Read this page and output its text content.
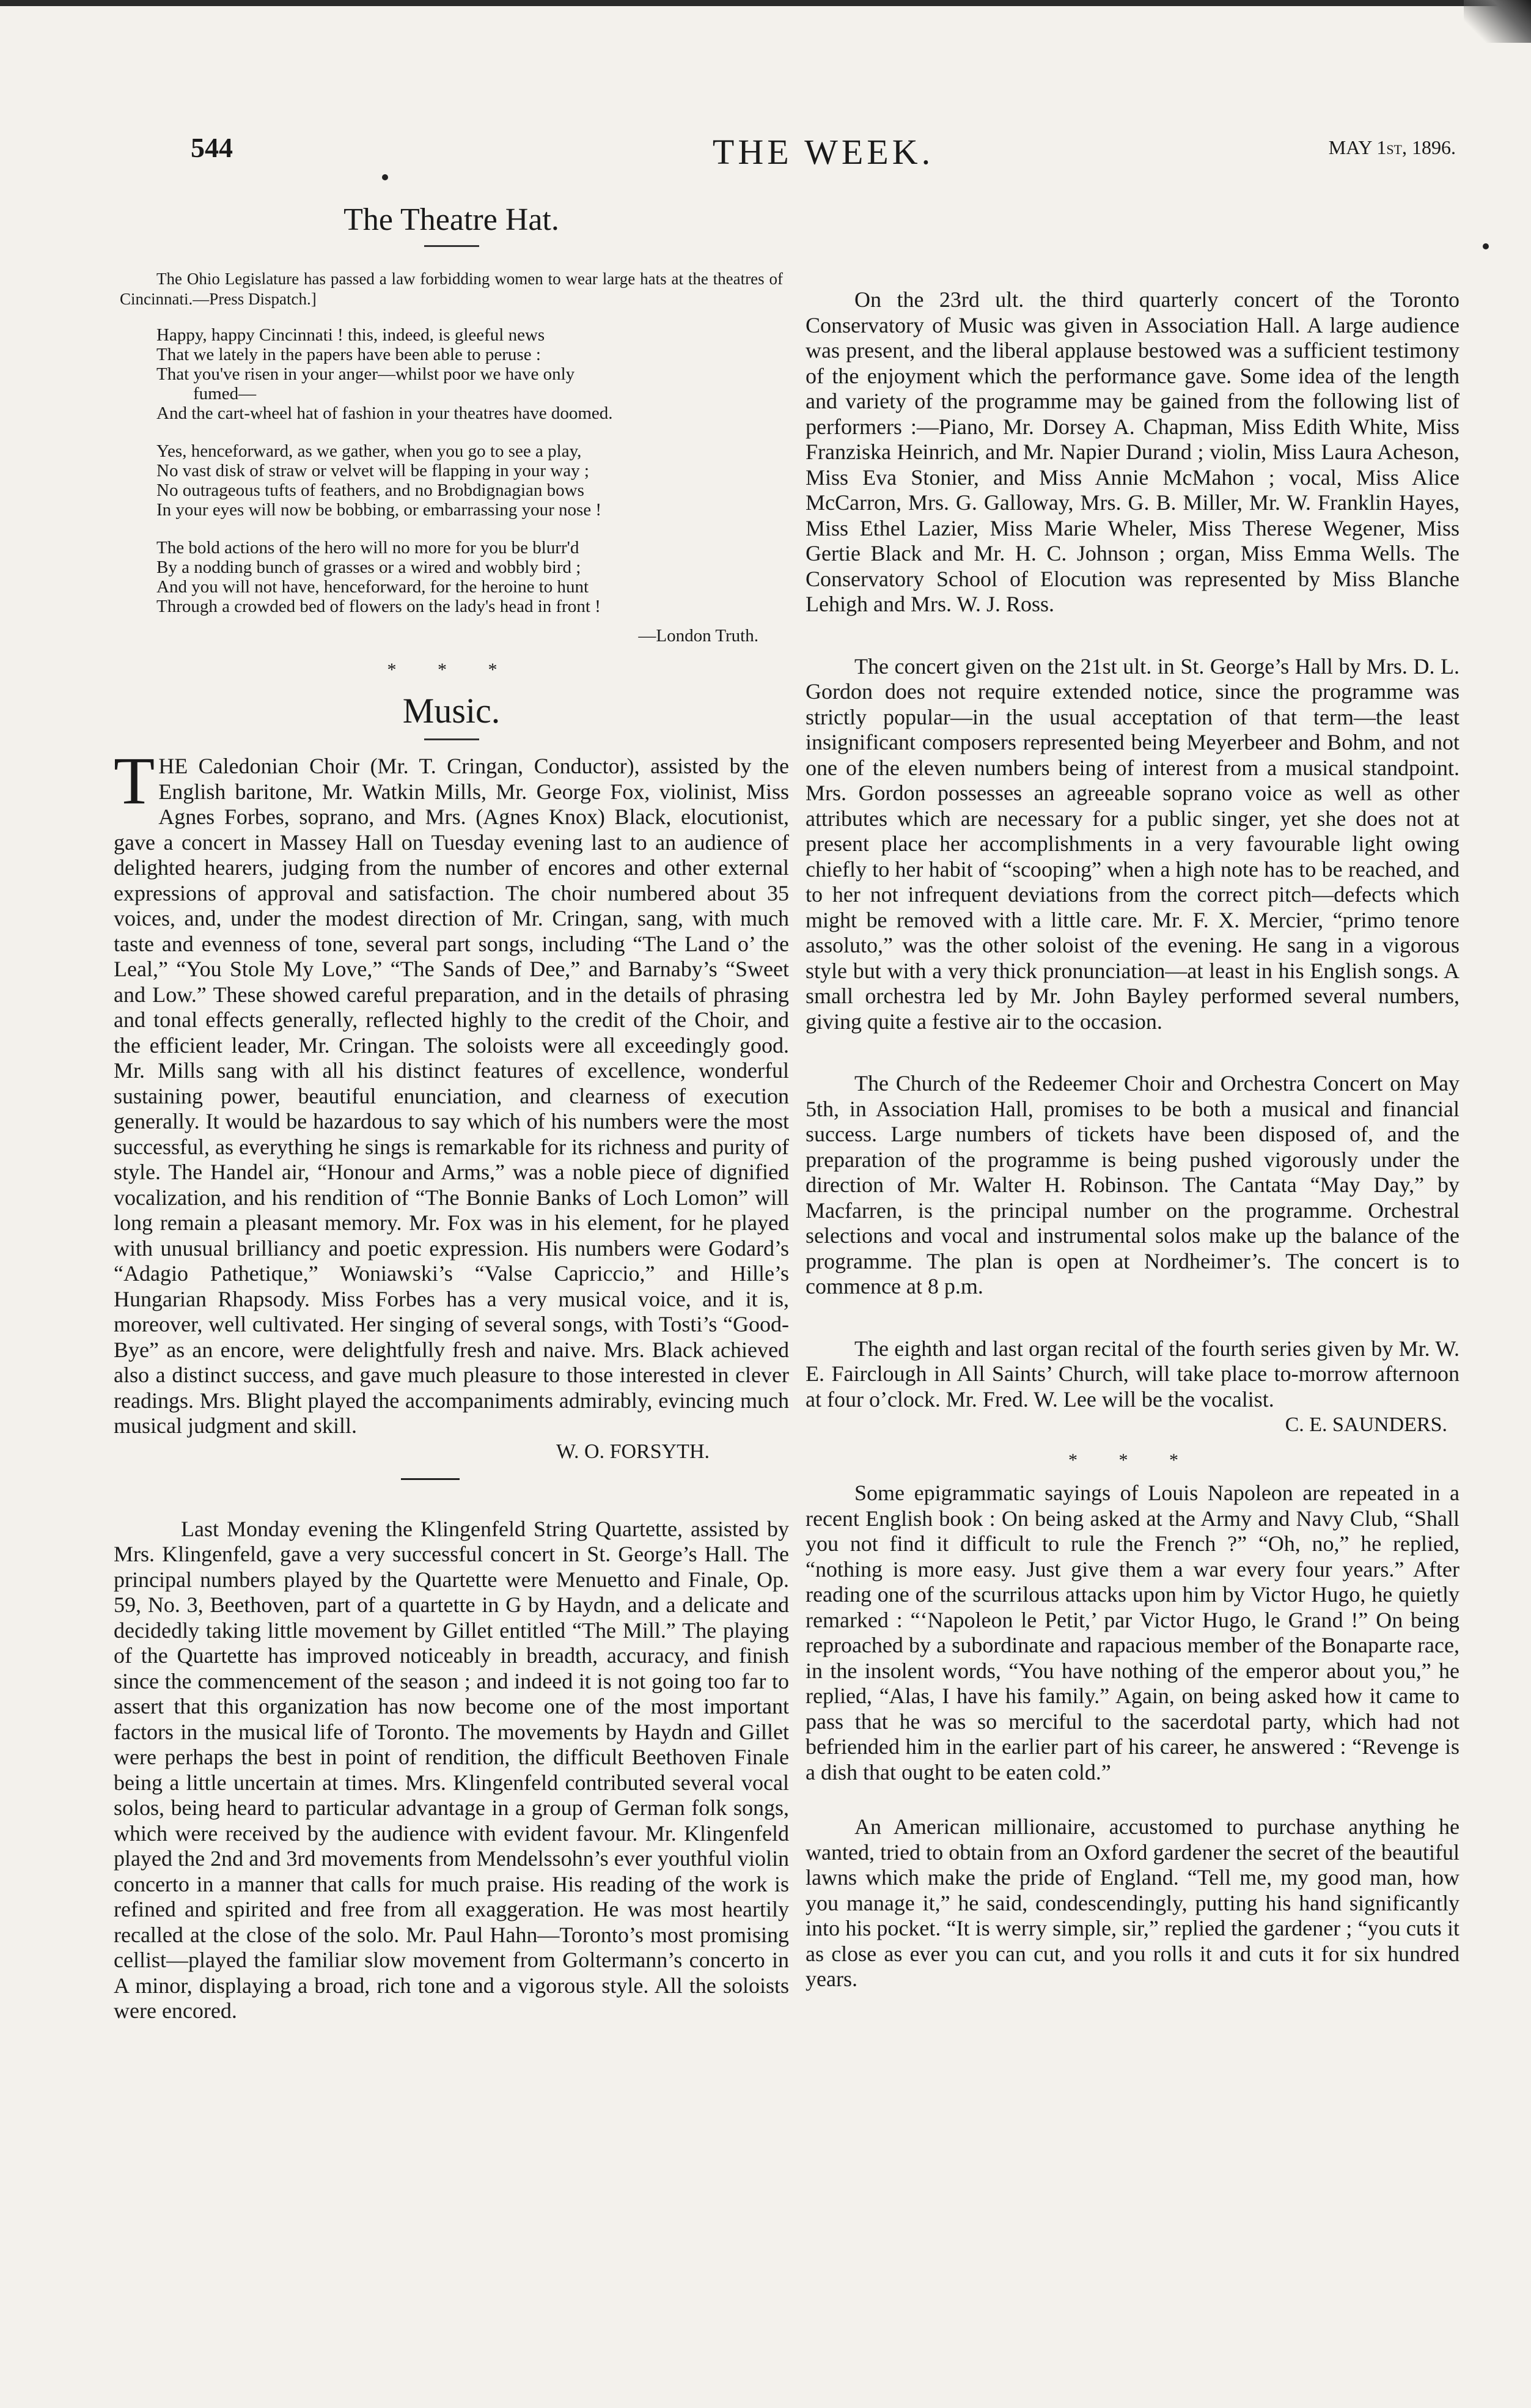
544	THE WEEK.	MAY 1st, 1896.
The Theatre Hat.

The Ohio Legislature has passed a law forbidding women to wear large hats at the theatres of Cincinnati.—Press Dispatch.]

Happy, happy Cincinnati ! this, indeed, is gleeful news
That we lately in the papers have been able to peruse :
That you've risen in your anger—whilst poor we have only
fumed—
And the cart-wheel hat of fashion in your theatres have doomed.
Yes, henceforward, as we gather, when you go to see a play,
No vast disk of straw or velvet will be flapping in your way ;
No outrageous tufts of feathers, and no Brobdignagian bows
In your eyes will now be bobbing, or embarrassing your nose !
The bold actions of the hero will no more for you be blurr'd
By a nodding bunch of grasses or a wired and wobbly bird ;
And you will not have, henceforward, for the heroine to hunt
Through a crowded bed of flowers on the lady's head in front !
—London Truth.
* * *
Music.

THE Caledonian Choir (Mr. T. Cringan, Conductor), assisted by the English baritone, Mr. Watkin Mills, Mr. George Fox, violinist, Miss Agnes Forbes, soprano, and Mrs. (Agnes Knox) Black, elocutionist, gave a concert in Massey Hall on Tuesday evening last to an audience of delighted hearers, judging from the number of encores and other external expressions of approval and satisfaction. The choir numbered about 35 voices, and, under the modest direction of Mr. Cringan, sang, with much taste and evenness of tone, several part songs, including “The Land o’ the Leal,” “You Stole My Love,” “The Sands of Dee,” and Barnaby’s “Sweet and Low.” These showed careful preparation, and in the details of phrasing and tonal effects generally, reflected highly to the credit of the Choir, and the efficient leader, Mr. Cringan. The soloists were all exceedingly good. Mr. Mills sang with all his distinct features of excellence, wonderful sustaining power, beautiful enunciation, and clearness of execution generally. It would be hazardous to say which of his numbers were the most successful, as everything he sings is remarkable for its richness and purity of style. The Handel air, “Honour and Arms,” was a noble piece of dignified vocalization, and his rendition of “The Bonnie Banks of Loch Lomon” will long remain a pleasant memory. Mr. Fox was in his element, for he played with unusual brilliancy and poetic expression. His numbers were Godard’s “Adagio Pathetique,” Woniawski’s “Valse Capriccio,” and Hille’s Hungarian Rhapsody. Miss Forbes has a very musical voice, and it is, moreover, well cultivated. Her singing of several songs, with Tosti’s “Good-Bye” as an encore, were delightfully fresh and naive. Mrs. Black achieved also a distinct success, and gave much pleasure to those interested in clever readings. Mrs. Blight played the accompaniments admirably, evincing much musical judgment and skill.

W. O. FORSYTH.

Last Monday evening the Klingenfeld String Quartette, assisted by Mrs. Klingenfeld, gave a very successful concert in St. George’s Hall. The principal numbers played by the Quartette were Menuetto and Finale, Op. 59, No. 3, Beethoven, part of a quartette in G by Haydn, and a delicate and decidedly taking little movement by Gillet entitled “The Mill.” The playing of the Quartette has improved noticeably in breadth, accuracy, and finish since the commencement of the season ; and indeed it is not going too far to assert that this organization has now become one of the most important factors in the musical life of Toronto. The movements by Haydn and Gillet were perhaps the best in point of rendition, the difficult Beethoven Finale being a little uncertain at times. Mrs. Klingenfeld contributed several vocal solos, being heard to particular advantage in a group of German folk songs, which were received by the audience with evident favour. Mr. Klingenfeld played the 2nd and 3rd movements from Mendelssohn’s ever youthful violin concerto in a manner that calls for much praise. His reading of the work is refined and spirited and free from all exaggeration. He was most heartily recalled at the close of the solo. Mr. Paul Hahn—Toronto’s most promising cellist—played the familiar slow movement from Goltermann’s concerto in A minor, displaying a broad, rich tone and a vigorous style. All the soloists were encored.

On the 23rd ult. the third quarterly concert of the Toronto Conservatory of Music was given in Association Hall. A large audience was present, and the liberal applause bestowed was a sufficient testimony of the enjoyment which the performance gave. Some idea of the length and variety of the programme may be gained from the following list of performers :—Piano, Mr. Dorsey A. Chapman, Miss Edith White, Miss Franziska Heinrich, and Mr. Napier Durand ; violin, Miss Laura Acheson, Miss Eva Stonier, and Miss Annie McMahon ; vocal, Miss Alice McCarron, Mrs. G. Galloway, Mrs. G. B. Miller, Mr. W. Franklin Hayes, Miss Ethel Lazier, Miss Marie Wheler, Miss Therese Wegener, Miss Gertie Black and Mr. H. C. Johnson ; organ, Miss Emma Wells. The Conservatory School of Elocution was represented by Miss Blanche Lehigh and Mrs. W. J. Ross.

The concert given on the 21st ult. in St. George’s Hall by Mrs. D. L. Gordon does not require extended notice, since the programme was strictly popular—in the usual acceptation of that term—the least insignificant composers represented being Meyerbeer and Bohm, and not one of the eleven numbers being of interest from a musical standpoint. Mrs. Gordon possesses an agreeable soprano voice as well as other attributes which are necessary for a public singer, yet she does not at present place her accomplishments in a very favourable light owing chiefly to her habit of “scooping” when a high note has to be reached, and to her not infrequent deviations from the correct pitch—defects which might be removed with a little care. Mr. F. X. Mercier, “primo tenore assoluto,” was the other soloist of the evening. He sang in a vigorous style but with a very thick pronunciation—at least in his English songs. A small orchestra led by Mr. John Bayley performed several numbers, giving quite a festive air to the occasion.

The Church of the Redeemer Choir and Orchestra Concert on May 5th, in Association Hall, promises to be both a musical and financial success. Large numbers of tickets have been disposed of, and the preparation of the programme is being pushed vigorously under the direction of Mr. Walter H. Robinson. The Cantata “May Day,” by Macfarren, is the principal number on the programme. Orchestral selections and vocal and instrumental solos make up the balance of the programme. The plan is open at Nordheimer’s. The concert is to commence at 8 p.m.

The eighth and last organ recital of the fourth series given by Mr. W. E. Fairclough in All Saints’ Church, will take place to-morrow afternoon at four o’clock. Mr. Fred. W. Lee will be the vocalist.

C. E. SAUNDERS.
* * *

Some epigrammatic sayings of Louis Napoleon are repeated in a recent English book : On being asked at the Army and Navy Club, “Shall you not find it difficult to rule the French ?” “Oh, no,” he replied, “nothing is more easy. Just give them a war every four years.” After reading one of the scurrilous attacks upon him by Victor Hugo, he quietly remarked : “‘Napoleon le Petit,’ par Victor Hugo, le Grand !” On being reproached by a subordinate and rapacious member of the Bonaparte race, in the insolent words, “You have nothing of the emperor about you,” he replied, “Alas, I have his family.” Again, on being asked how it came to pass that he was so merciful to the sacerdotal party, which had not befriended him in the earlier part of his career, he answered : “Revenge is a dish that ought to be eaten cold.”

An American millionaire, accustomed to purchase anything he wanted, tried to obtain from an Oxford gardener the secret of the beautiful lawns which make the pride of England. “Tell me, my good man, how you manage it,” he said, condescendingly, putting his hand significantly into his pocket. “It is werry simple, sir,” replied the gardener ; “you cuts it as close as ever you can cut, and you rolls it and cuts it for six hundred years.
